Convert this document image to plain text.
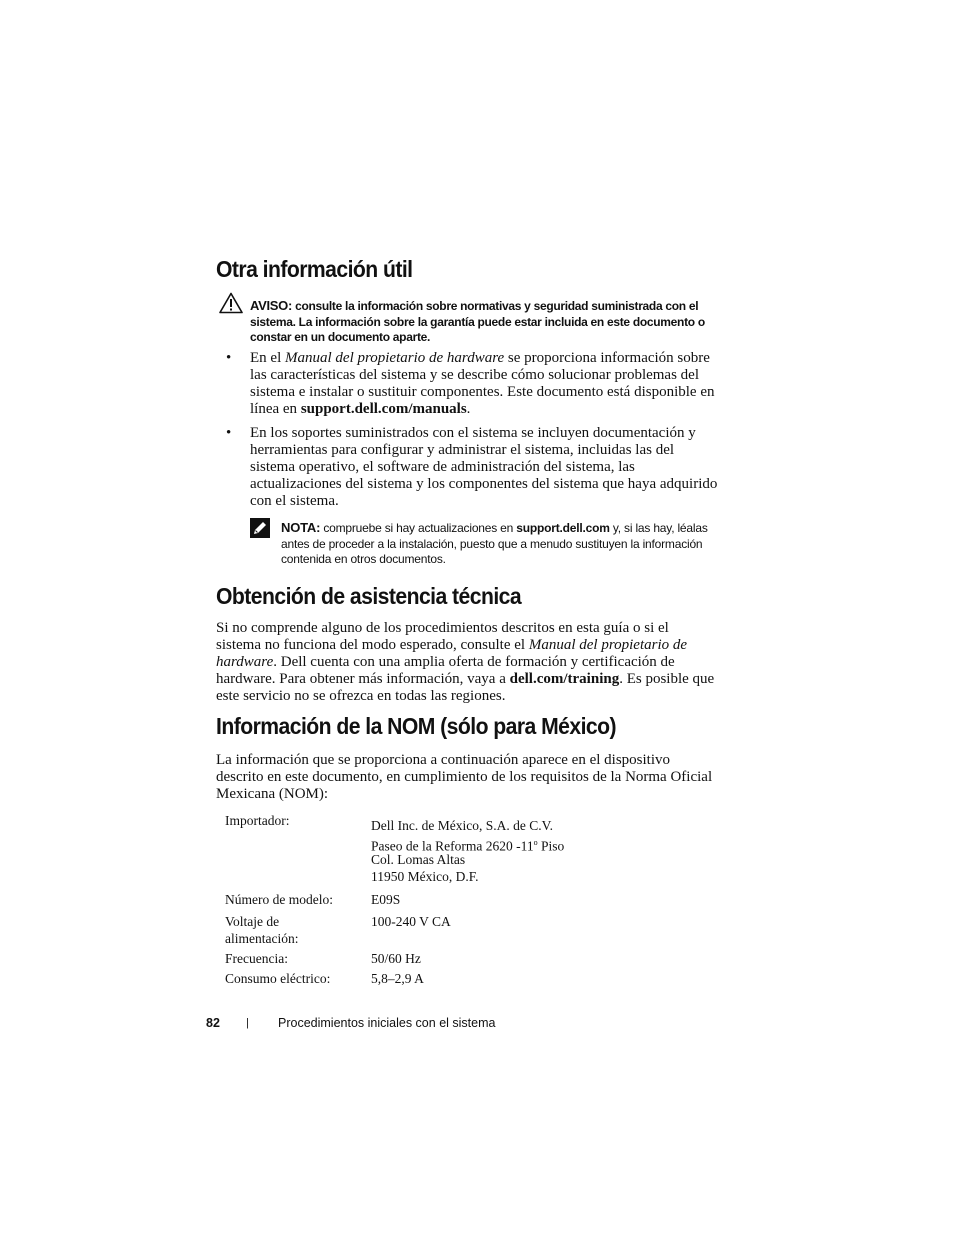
Otra información útil
AVISO: consulte la información sobre normativas y seguridad suministrada con el sistema. La información sobre la garantía puede estar incluida en este documento o constar en un documento aparte.
• En el Manual del propietario de hardware se proporciona información sobre las características del sistema y se describe cómo solucionar problemas del sistema e instalar o sustituir componentes. Este documento está disponible en línea en support.dell.com/manuals.
• En los soportes suministrados con el sistema se incluyen documentación y herramientas para configurar y administrar el sistema, incluidas las del sistema operativo, el software de administración del sistema, las actualizaciones del sistema y los componentes del sistema que haya adquirido con el sistema.
NOTA: compruebe si hay actualizaciones en support.dell.com y, si las hay, léalas antes de proceder a la instalación, puesto que a menudo sustituyen la información contenida en otros documentos.
Obtención de asistencia técnica
Si no comprende alguno de los procedimientos descritos en esta guía o si el sistema no funciona del modo esperado, consulte el Manual del propietario de hardware. Dell cuenta con una amplia oferta de formación y certificación de hardware. Para obtener más información, vaya a dell.com/training. Es posible que este servicio no se ofrezca en todas las regiones.
Información de la NOM (sólo para México)
La información que se proporciona a continuación aparece en el dispositivo descrito en este documento, en cumplimiento de los requisitos de la Norma Oficial Mexicana (NOM):
Importador:	Dell Inc. de México, S.A. de C.V.
Paseo de la Reforma 2620 -11$^o$ Piso
Col. Lomas Altas
11950 México, D.F.
Número de modelo:	E09S
Voltaje de
alimentación:
100-240 V CA
Frecuencia:	50/60 Hz
Consumo eléctrico:	5,8–2,9 A
82 | Procedimientos iniciales con el sistema
